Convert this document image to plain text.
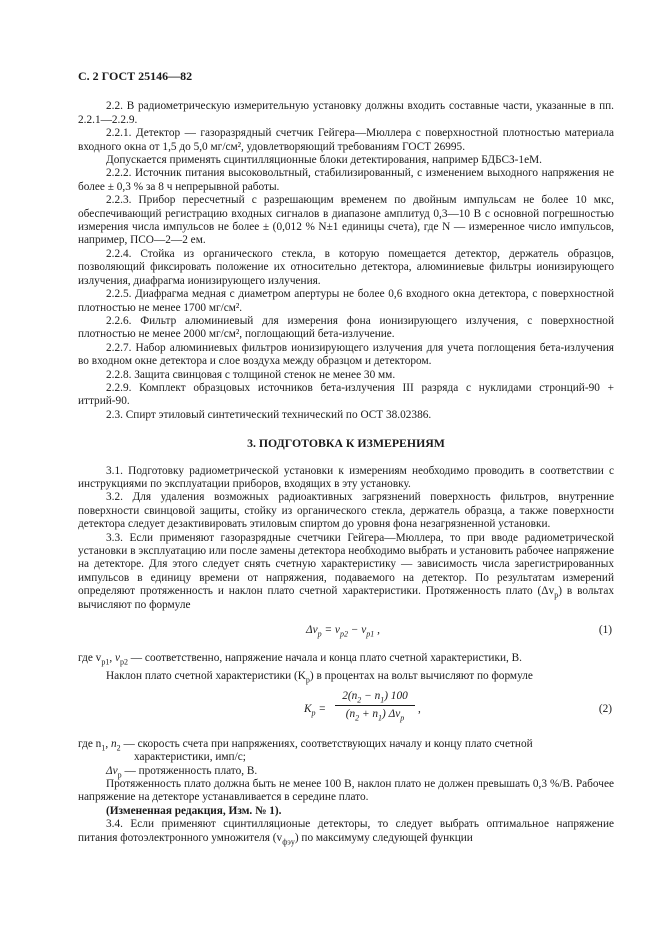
С. 2 ГОСТ 25146—82

2.2. В радиометрическую измерительную установку должны входить составные части, указанные в пп. 2.2.1—2.2.9.

2.2.1. Детектор — газоразрядный счетчик Гейгера—Мюллера с поверхностной плотностью материала входного окна от 1,5 до 5,0 мг/см², удовлетворяющий требованиям ГОСТ 26995.

Допускается применять сцинтилляционные блоки детектирования, например БДБСЗ-1еМ.

2.2.2. Источник питания высоковольтный, стабилизированный, с изменением выходного напряжения не более ± 0,3 % за 8 ч непрерывной работы.

2.2.3. Прибор пересчетный с разрешающим временем по двойным импульсам не более 10 мкс, обеспечивающий регистрацию входных сигналов в диапазоне амплитуд 0,3—10 В с основной погрешностью измерения числа импульсов не более ± (0,012 % N±1 единицы счета), где N — измеренное число импульсов, например, ПСО—2—2 ем.

2.2.4. Стойка из органического стекла, в которую помещается детектор, держатель образцов, позволяющий фиксировать положение их относительно детектора, алюминиевые фильтры ионизирующего излучения, диафрагма ионизирующего излучения.

2.2.5. Диафрагма медная с диаметром апертуры не более 0,6 входного окна детектора, с поверхностной плотностью не менее 1700 мг/см².

2.2.6. Фильтр алюминиевый для измерения фона ионизирующего излучения, с поверхностной плотностью не менее 2000 мг/см², поглощающий бета-излучение.

2.2.7. Набор алюминиевых фильтров ионизирующего излучения для учета поглощения бета-излучения во входном окне детектора и слое воздуха между образцом и детектором.

2.2.8. Защита свинцовая с толщиной стенок не менее 30 мм.

2.2.9. Комплект образцовых источников бета-излучения III разряда с нуклидами стронций-90 + иттрий-90.

2.3. Спирт этиловый синтетический технический по ОСТ 38.02386.

3. ПОДГОТОВКА К ИЗМЕРЕНИЯМ

3.1. Подготовку радиометрической установки к измерениям необходимо проводить в соответствии с инструкциями по эксплуатации приборов, входящих в эту установку.

3.2. Для удаления возможных радиоактивных загрязнений поверхность фильтров, внутренние поверхности свинцовой защиты, стойку из органического стекла, держатель образца, а также поверхности детектора следует дезактивировать этиловым спиртом до уровня фона незагрязненной установки.

3.3. Если применяют газоразрядные счетчики Гейгера—Мюллера, то при вводе радиометрической установки в эксплуатацию или после замены детектора необходимо выбрать и установить рабочее напряжение на детекторе. Для этого следует снять счетную характеристику — зависимость числа зарегистрированных импульсов в единицу времени от напряжения, подаваемого на детектор. По результатам измерений определяют протяженность и наклон плато счетной характеристики. Протяженность плато $(\Delta v_p)$ в вольтах вычисляют по формуле

$\Delta v_p = v_{p2} - v_{p1}$ ,	(1)

где $v_{p1}$, $v_{p2}$ — соответственно, напряжение начала и конца плато счетной характеристики, В.

Наклон плато счетной характеристики $(K_p)$ в процентах на вольт вычисляют по формуле

$K_p$ =
$2(n_2 - n_1)$ 100
$(n_2 + n_1)$ $\Delta v_p$
,	(2)

где $n_1$, $n_2$ — скорость счета при напряжениях, соответствующих началу и концу плато счетной

характеристики, имп/с;

$\Delta v_p$ — протяженность плато, В.

Протяженность плато должна быть не менее 100 В, наклон плато не должен превышать 0,3 %/В. Рабочее напряжение на детекторе устанавливается в середине плато.

(Измененная редакция, Изм. № 1).

3.4. Если применяют сцинтилляционые детекторы, то следует выбрать оптимальное напряжение питания фотоэлектронного умножителя $(v_{фэу})$ по максимуму следующей функции
